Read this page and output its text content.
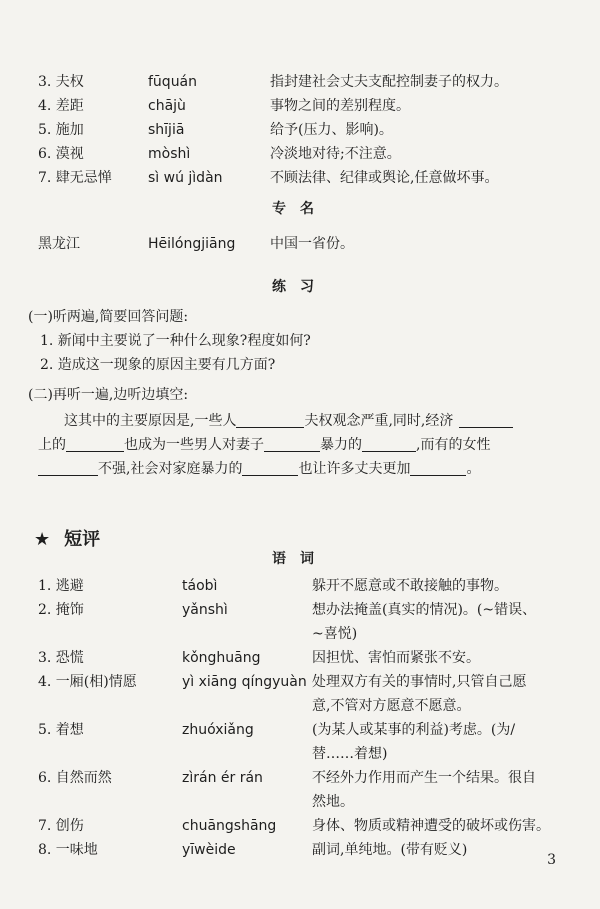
3. 夫权	fūquán	指封建社会丈夫支配控制妻子的权力。
4. 差距	chājù	事物之间的差别程度。
5. 施加	shījiā	给予(压力、影响)。
6. 漠视	mòshì	冷淡地对待;不注意。
7. 肆无忌惮	sì wú jìdàn	不顾法律、纪律或舆论,任意做坏事。
专名
黑龙江	Hēilóngjiāng 中国一省份。
练习
(一)听两遍,简要回答问题:
1. 新闻中主要说了一种什么现象?程度如何?
2. 造成这一现象的原因主要有几方面?
(二)再听一遍,边听边填空:
这其中的主要原因是,一些人	夫权观念严重,同时,经济
上的	也成为一些男人对妻子	暴力的	,而有的女性
不强,社会对家庭暴力的	也让许多丈夫更加	。
★ 短评
语词
1. 逃避	táobì	躲开不愿意或不敢接触的事物。
2. 掩饰	yǎnshì	想办法掩盖(真实的情况)。(~错误、
~喜悦)
3. 恐慌	kǒnghuāng	因担忧、害怕而紧张不安。
4. 一厢(相)情愿	yì xiāng qíngyuàn 处理双方有关的事情时,只管自己愿
意,不管对方愿意不愿意。
5. 着想	zhuóxiǎng	(为某人或某事的利益)考虑。(为/
替……着想)
6. 自然而然	zìrán ér rán	不经外力作用而产生一个结果。很自
然地。
7. 创伤	chuāngshāng	身体、物质或精神遭受的破坏或伤害。
8. 一味地	yīwèide	副词,单纯地。(带有贬义)
3
